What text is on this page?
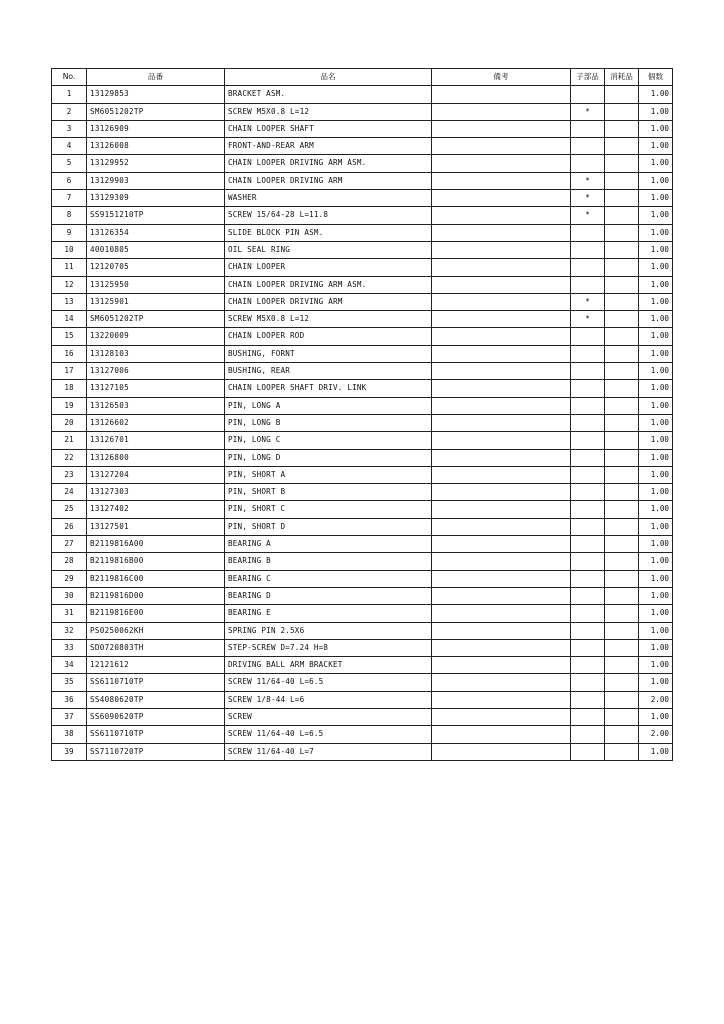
No.	品番	品名	備考	子部品	消耗品	個数
1	13129853	BRACKET ASM.				1.00
2	SM6051202TP	SCREW M5X0.8 L=12		*		1.00
3	13126909	CHAIN LOOPER SHAFT				1.00
4	13126008	FRONT-AND-REAR ARM				1.00
5	13129952	CHAIN LOOPER DRIVING ARM ASM.				1.00
6	13129903	CHAIN LOOPER DRIVING ARM		*		1.00
7	13129309	WASHER		*		1.00
8	SS9151210TP	SCREW 15/64-28 L=11.8		*		1.00
9	13126354	SLIDE BLOCK PIN ASM.				1.00
10	40010805	OIL SEAL RING				1.00
11	12120705	CHAIN LOOPER				1.00
12	13125950	CHAIN LOOPER DRIVING ARM ASM.				1.00
13	13125901	CHAIN LOOPER DRIVING ARM		*		1.00
14	SM6051202TP	SCREW M5X0.8 L=12		*		1.00
15	13220009	CHAIN LOOPER ROD				1.00
16	13128103	BUSHING, FORNT				1.00
17	13127006	BUSHING, REAR				1.00
18	13127105	CHAIN LOOPER SHAFT DRIV. LINK				1.00
19	13126503	PIN, LONG A				1.00
20	13126602	PIN, LONG B				1.00
21	13126701	PIN, LONG C				1.00
22	13126800	PIN, LONG D				1.00
23	13127204	PIN, SHORT A				1.00
24	13127303	PIN, SHORT B				1.00
25	13127402	PIN, SHORT C				1.00
26	13127501	PIN, SHORT D				1.00
27	B2119816A00	BEARING A				1.00
28	B2119816B00	BEARING B				1.00
29	B2119816C00	BEARING C				1.00
30	B2119816D00	BEARING D				1.00
31	B2119816E00	BEARING E				1.00
32	PS0250062KH	SPRING PIN 2.5X6				1.00
33	SD0720803TH	STEP-SCREW D=7.24 H=8				1.00
34	12121612	DRIVING BALL ARM BRACKET				1.00
35	SS6110710TP	SCREW 11/64-40 L=6.5				1.00
36	SS4080620TP	SCREW 1/8-44 L=6				2.00
37	SS6090620TP	SCREW				1.00
38	SS6110710TP	SCREW 11/64-40 L=6.5				2.00
39	SS7110720TP	SCREW 11/64-40 L=7				1.00
